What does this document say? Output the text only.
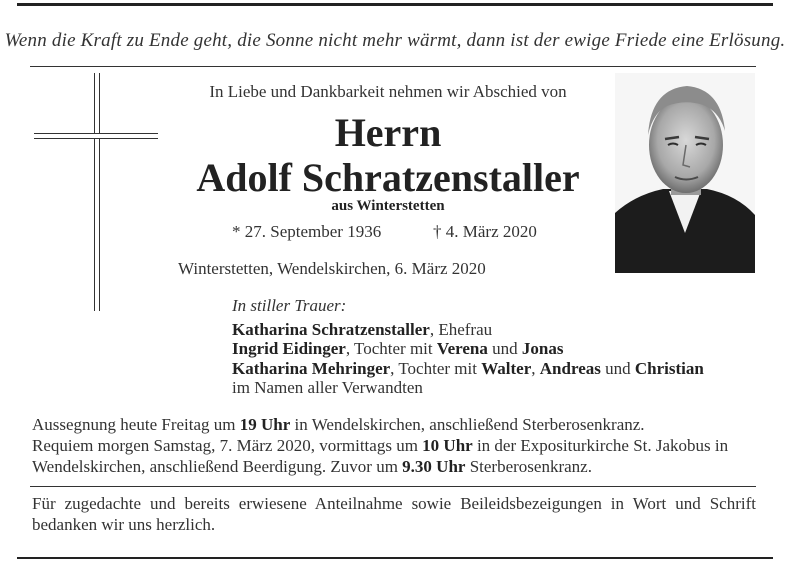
Wenn die Kraft zu Ende geht, die Sonne nicht mehr wärmt, dann ist der ewige Friede eine Erlösung.
In Liebe und Dankbarkeit nehmen wir Abschied von
Herrn
Adolf Schratzenstaller
aus Winterstetten
* 27. September 1936	† 4. März 2020
Winterstetten, Wendelskirchen, 6. März 2020
In stiller Trauer:
Katharina Schratzenstaller, Ehefrau
Ingrid Eidinger, Tochter mit Verena und Jonas
Katharina Mehringer, Tochter mit Walter, Andreas und Christian
im Namen aller Verwandten
Aussegnung heute Freitag um 19 Uhr in Wendelskirchen, anschließend Sterberosenkranz.
Requiem morgen Samstag, 7. März 2020, vormittags um 10 Uhr in der Expositurkirche St. Jakobus in
Wendelskirchen, anschließend Beerdigung. Zuvor um 9.30 Uhr Sterberosenkranz.
Für zugedachte und bereits erwiesene Anteilnahme sowie Beileidsbezeigungen in Wort und Schrift bedanken wir uns herzlich.
